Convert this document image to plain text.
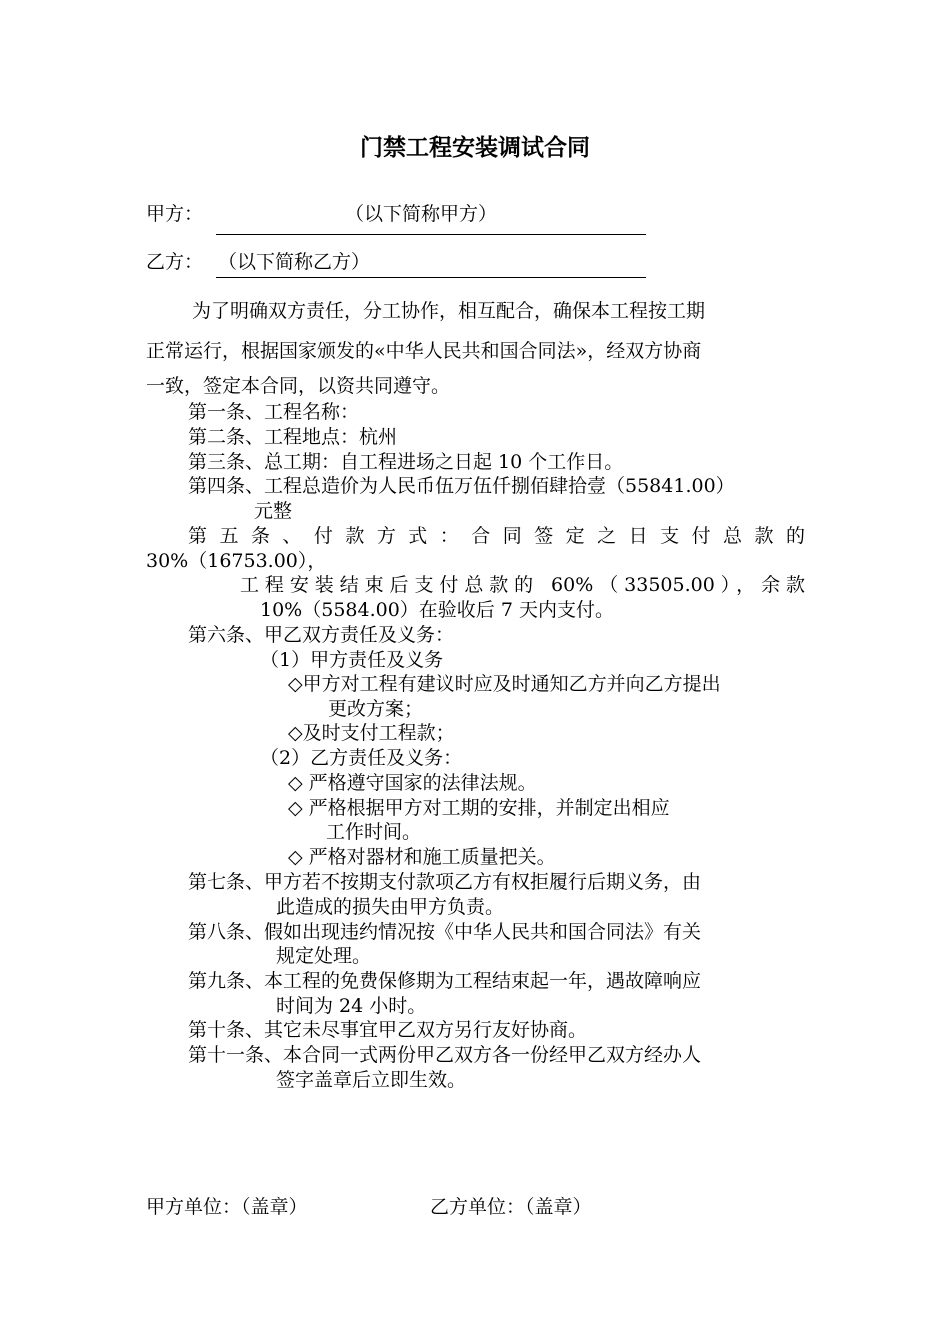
门禁工程安装调试合同
甲方：	（以下简称甲方）
乙方： （以下简称乙方）
为了明确双方责任，分工协作，相互配合，确保本工程按工期
正常运行，根据国家颁发的«中华人民共和国合同法»，经双方协商
一致，签定本合同，以资共同遵守。
第一条、工程名称：
第二条、工程地点：杭州
第三条、总工期：自工程进场之日起 10 个工作日。
第四条、工程总造价为人民币伍万伍仟捌佰肆拾壹（55841.00）
元整
第 五 条 、 付 款 方 式 ： 合 同 签 定 之 日 支 付 总 款 的
30%（16753.00），
工程安装结束后支付总款的 60%（33505.00），余款
10%（5584.00）在验收后 7 天内支付。
第六条、甲乙双方责任及义务：
（1）甲方责任及义务
◇甲方对工程有建议时应及时通知乙方并向乙方提出
更改方案；
◇及时支付工程款；
（2）乙方责任及义务：
◇ 严格遵守国家的法律法规。
◇ 严格根据甲方对工期的安排，并制定出相应
工作时间。
◇ 严格对器材和施工质量把关。
第七条、甲方若不按期支付款项乙方有权拒履行后期义务，由
此造成的损失由甲方负责。
第八条、假如出现违约情况按《中华人民共和国合同法》有关
规定处理。
第九条、本工程的免费保修期为工程结束起一年，遇故障响应
时间为 24 小时。
第十条、其它未尽事宜甲乙双方另行友好协商。
第十一条、本合同一式两份甲乙双方各一份经甲乙双方经办人
签字盖章后立即生效。
甲方单位：（盖章）	乙方单位：（盖章）
